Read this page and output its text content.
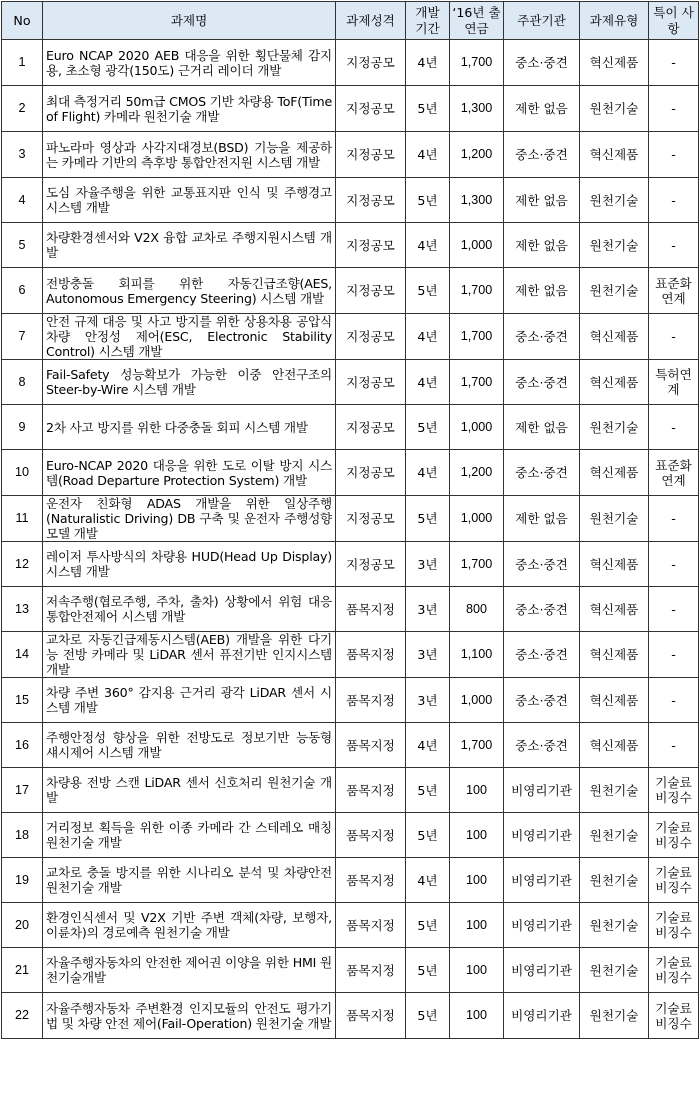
No	과제명	과제성격	개발 기간	‘16년 출연금	주관기관	과제유형	특이 사항
1	Euro NCAP 2020 AEB 대응을 위한 횡단물체 감지용, 초소형 광각(150도) 근거리 레이더 개발	지정공모	4년	1,700	중소·중견	혁신제품	-
2	최대 측정거리 50m급 CMOS 기반 차량용 ToF(Time of Flight) 카메라 원천기술 개발	지정공모	5년	1,300	제한 없음	원천기술	-
3	파노라마 영상과 사각지대경보(BSD) 기능을 제공하는 카메라 기반의 측후방 통합안전지원 시스템 개발	지정공모	4년	1,200	중소·중견	혁신제품	-
4	도심 자율주행을 위한 교통표지판 인식 및 주행경고 시스템 개발	지정공모	5년	1,300	제한 없음	원천기술	-
5	차량환경센서와 V2X 융합 교차로 주행지원시스템 개발	지정공모	4년	1,000	제한 없음	원천기술	-
6	전방충돌 회피를 위한 자동긴급조향(AES, Autonomous Emergency Steering) 시스템 개발	지정공모	5년	1,700	제한 없음	원천기술	표준화 연계
7	안전 규제 대응 및 사고 방지를 위한 상용차용 공압식 차량 안정성 제어(ESC, Electronic Stability Control) 시스템 개발	지정공모	4년	1,700	중소·중견	혁신제품	-
8	Fail-Safety 성능확보가 가능한 이중 안전구조의 Steer-by-Wire 시스템 개발	지정공모	4년	1,700	중소·중견	혁신제품	특허연계
9	2차 사고 방지를 위한 다중충돌 회피 시스템 개발	지정공모	5년	1,000	제한 없음	원천기술	-
10	Euro-NCAP 2020 대응을 위한 도로 이탈 방지 시스템(Road Departure Protection System) 개발	지정공모	4년	1,200	중소·중견	혁신제품	표준화 연계
11	운전자 친화형 ADAS 개발을 위한 일상주행(Naturalistic Driving) DB 구축 및 운전자 주행성향 모델 개발	지정공모	5년	1,000	제한 없음	원천기술	-
12	레이저 투사방식의 차량용 HUD(Head Up Display) 시스템 개발	지정공모	3년	1,700	중소·중견	혁신제품	-
13	저속주행(협로주행, 주차, 출차) 상황에서 위험 대응 통합안전제어 시스템 개발	품목지정	3년	800	중소·중견	혁신제품	-
14	교차로 자동긴급제동시스템(AEB) 개발을 위한 다기능 전방 카메라 및 LiDAR 센서 퓨전기반 인지시스템 개발	품목지정	3년	1,100	중소·중견	혁신제품	-
15	차량 주변 360° 감지용 근거리 광각 LiDAR 센서 시스템 개발	품목지정	3년	1,000	중소·중견	혁신제품	-
16	주행안정성 향상을 위한 전방도로 정보기반 능동형 섀시제어 시스템 개발	품목지정	4년	1,700	중소·중견	혁신제품	-
17	차량용 전방 스캔 LiDAR 센서 신호처리 원천기술 개발	품목지정	5년	100	비영리기관	원천기술	기술료 비징수
18	거리정보 획득을 위한 이종 카메라 간 스테레오 매칭 원천기술 개발	품목지정	5년	100	비영리기관	원천기술	기술료 비징수
19	교차로 충돌 방지를 위한 시나리오 분석 및 차량안전 원천기술 개발	품목지정	4년	100	비영리기관	원천기술	기술료 비징수
20	환경인식센서 및 V2X 기반 주변 객체(차량, 보행자, 이륜차)의 경로예측 원천기술 개발	품목지정	5년	100	비영리기관	원천기술	기술료 비징수
21	자율주행자동차의 안전한 제어권 이양을 위한 HMI 원천기술개발	품목지정	5년	100	비영리기관	원천기술	기술료 비징수
22	자율주행자동차 주변환경 인지모듈의 안전도 평가기법 및 차량 안전 제어(Fail-Operation) 원천기술 개발	품목지정	5년	100	비영리기관	원천기술	기술료 비징수
